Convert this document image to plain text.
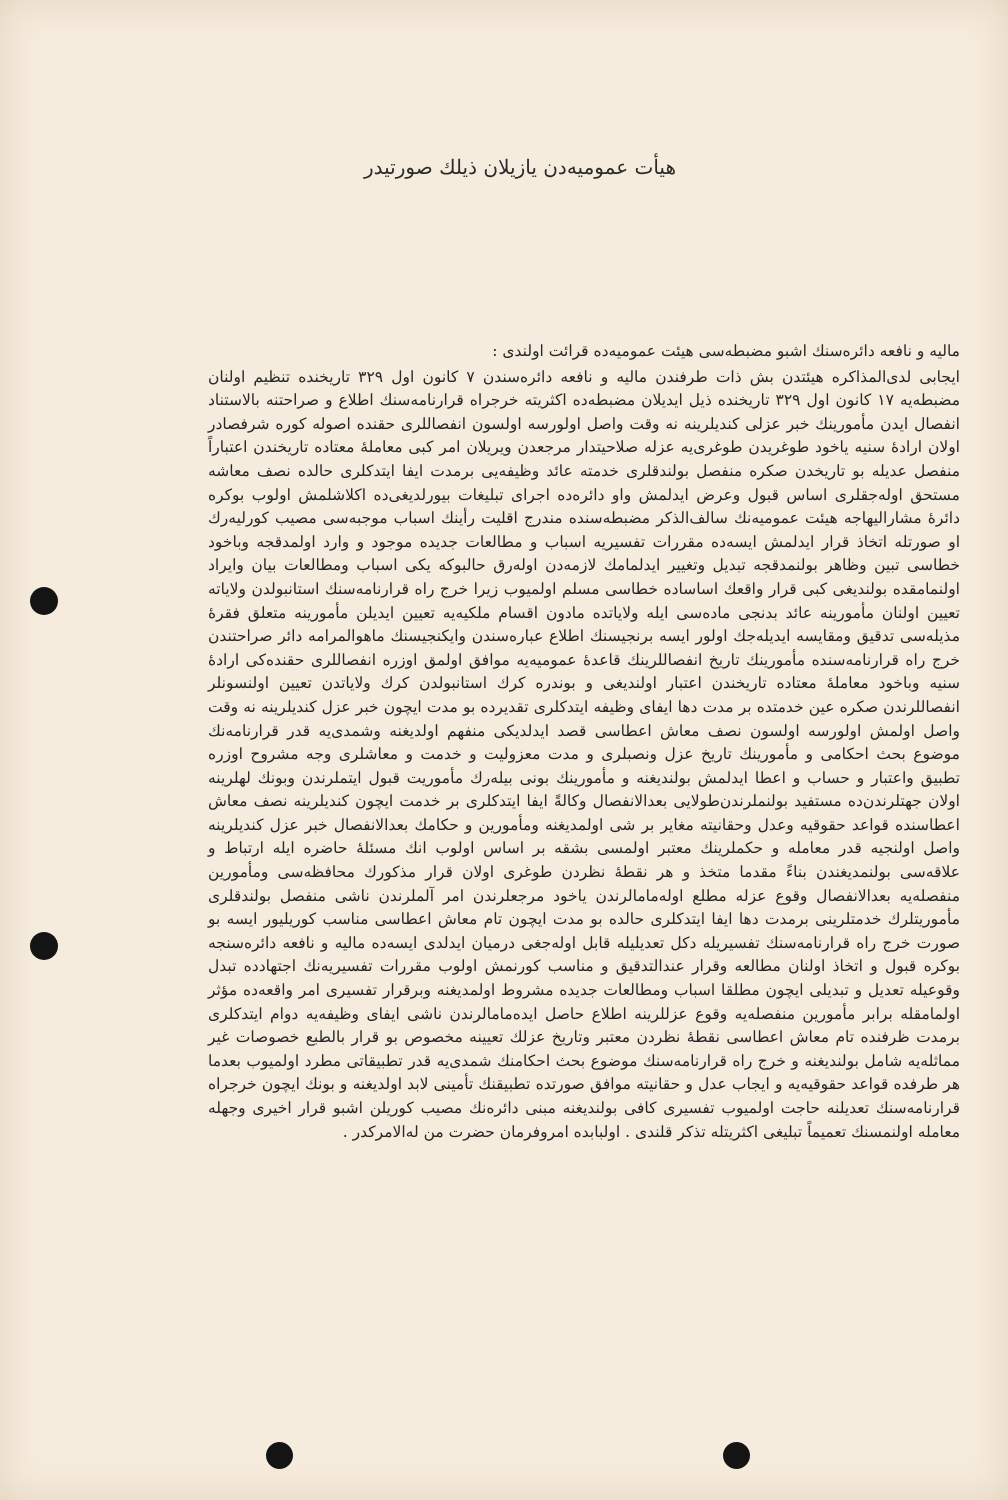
هیأت عمومیه‌دن یازیلان ذیلك صورتیدر
مالیه و نافعه دائره‌سنك اشبو مضبطه‌سی هیئت عمومیه‌ده قرائت اولندی :
ایجابی لدی‌المذاکره هیئتدن بش ذات طرفندن مالیه و نافعه دائره‌سندن ۷ کانون اول ۳۲۹ تاریخنده تنظیم اولنان مضبطه‌یه ۱۷ کانون اول ۳۲۹ تاریخنده ذیل ایدیلان مضبطه‌ده اکثریته خرجراه قرارنامه‌سنك اطلاع و صراحتنه بالاستناد انفصال ایدن مأمورینك خبر عزلی کندیلرینه نه وقت واصل اولورسه اولسون انفصاللری حقنده اصوله کوره شرفصادر اولان اراده‌ٔ سنیه یاخود طوغریدن طوغری‌یه عزله صلاحیتدار مرجعدن ویریلان امر کبی معامله‌ٔ معتاده تاریخندن اعتباراً منفصل عدیله بو تاریخدن صکره منفصل بولندقلری خدمته عائد وظیفه‌یی برمدت ایفا ایتدکلری حالده نصف معاشه مستحق اوله‌جقلری اساس قبول وعرض ایدلمش واو دائره‌ده اجرای تبلیغات بیورلدیغی‌ده اکلاشلمش اولوب بوکره دائره‌ٔ مشارالیهاجه هیئت عمومیه‌نك سالف‌الذکر مضبطه‌سنده مندرج اقلیت رأینك اسباب موجبه‌سی مصیب کورلیه‌رك او صورتله اتخاذ قرار ایدلمش ایسه‌ده مقررات تفسیریه اسباب و مطالعات جدیده موجود و وارد اولمدقجه وباخود خطاسی تبین وظاهر بولنمدقجه تبدیل وتغییر ایدلمامك لازمه‌دن اوله‌رق حالبوکه یکی اسباب ومطالعات بیان وایراد اولنمامقده بولندیغی کبی قرار واقعك اساساده خطاسی مسلم اولمیوب زیرا خرج راه قرارنامه‌سنك استانبولدن ولایاته تعیین اولنان مأمورینه عائد بدنجی ماده‌سی ایله ولایاتده مادون اقسام ملکیه‌یه تعیین ایدیلن مأمورینه متعلق فقره‌ٔ مذیله‌سی تدقیق ومقایسه ایدیله‌جك اولور ایسه برنجیسنك اطلاع عباره‌سندن وایکنجیسنك ماهوالمرامه دائر صراحتندن خرج راه قرارنامه‌سنده مأمورینك تاریخ انفصاللرینك قاعده‌ٔ عمومیه‌یه موافق اولمق اوزره انفصاللری حقنده‌کی اراده‌ٔ سنیه وباخود معامله‌ٔ معتاده تاریخندن اعتبار اولندیغی و بوندره کرك استانبولدن کرك ولایاتدن تعیین اولنسونلر انفصاللرندن صکره عین خدمتده بر مدت دها ایفای وظیفه ایتدکلری تقدیرده بو مدت ایچون خبر عزل کندیلرینه نه وقت واصل اولمش اولورسه اولسون نصف معاش اعطاسی قصد ایدلدیکی منفهم اولدیغنه وشمدی‌یه قدر قرارنامه‌نك موضوع بحث احکامی و مأمورینك تاریخ عزل ونصبلری و مدت معزولیت و خدمت و معاشلری وجه مشروح اوزره تطبیق واعتبار و حساب و اعطا ایدلمش بولندیغنه و مأمورینك بونی بیله‌رك مأموریت قبول ایتملرندن وبونك لهلرینه اولان جهتلرندن‌ده مستفید بولنملرندن‌طولایی بعدالانفصال وکالةً ایفا ایتدکلری بر خدمت ایچون کندیلرینه نصف معاش اعطاسنده قواعد حقوقیه وعدل وحقانیته مغایر بر شی اولمدیغنه ومأمورین و حکامك بعدالانفصال خبر عزل کندیلرینه واصل اولنجیه قدر معامله و حکملرینك معتبر اولمسی بشقه بر اساس اولوب انك مسئله‌ٔ حاضره ایله ارتباط و علاقه‌سی بولنمدیغندن بناءً مقدما متخذ و هر نقطه‌ٔ نظردن طوغری اولان قرار مذکورك محافظه‌سی ومأمورین منفصله‌یه بعدالانفصال وقوع عزله مطلع اوله‌مامالرندن یاخود مرجعلرندن امر آلملرندن ناشی منفصل بولندقلری مأموریتلرك خدمتلرینی برمدت دها ایفا ایتدکلری حالده بو مدت ایچون تام معاش اعطاسی مناسب کوریلیور ایسه بو صورت خرج راه قرارنامه‌سنك تفسیریله دکل تعدیلیله قابل اوله‌جغی درمیان ایدلدی ایسه‌ده مالیه و نافعه دائره‌سنجه بوکره قبول و اتخاذ اولنان مطالعه وقرار عندالتدقیق و مناسب کورنمش اولوب مقررات تفسیریه‌نك اجتهادده تبدل وقوعیله تعدیل و تبدیلی ایچون مطلقا اسباب ومطالعات جدیده مشروط اولمدیغنه وبرقرار تفسیری امر واقعه‌ده مؤثر اولمامقله برابر مأمورین منفصله‌یه وقوع عزللرینه اطلاع حاصل ایده‌مامالرندن ناشی ایفای وظیفه‌یه دوام ایتدکلری برمدت ظرفنده تام معاش اعطاسی نقطه‌ٔ نظردن معتبر وتاریخ عزلك تعیینه مخصوص بو قرار بالطبع خصوصات غیر مماثله‌یه شامل بولندیغنه و خرج راه قرارنامه‌سنك موضوع بحث احکامنك شمدی‌یه قدر تطبیقاتی مطرد اولمیوب بعدما هر طرفده قواعد حقوقیه‌یه و ایجاب عدل و حقانیته موافق صورتده تطبیقنك تأمینی لابد اولدیغنه و بونك ایچون خرجراه قرارنامه‌سنك تعدیلنه حاجت اولمیوب تفسیری کافی بولندیغنه مبنی دائره‌نك مصیب کوریلن اشبو قرار اخیری وجهله معامله اولنمسنك تعمیماً تبلیغی اکثریتله تذکر قلندی . اولبابده امروفرمان حضرت من له‌الامرکدر .
